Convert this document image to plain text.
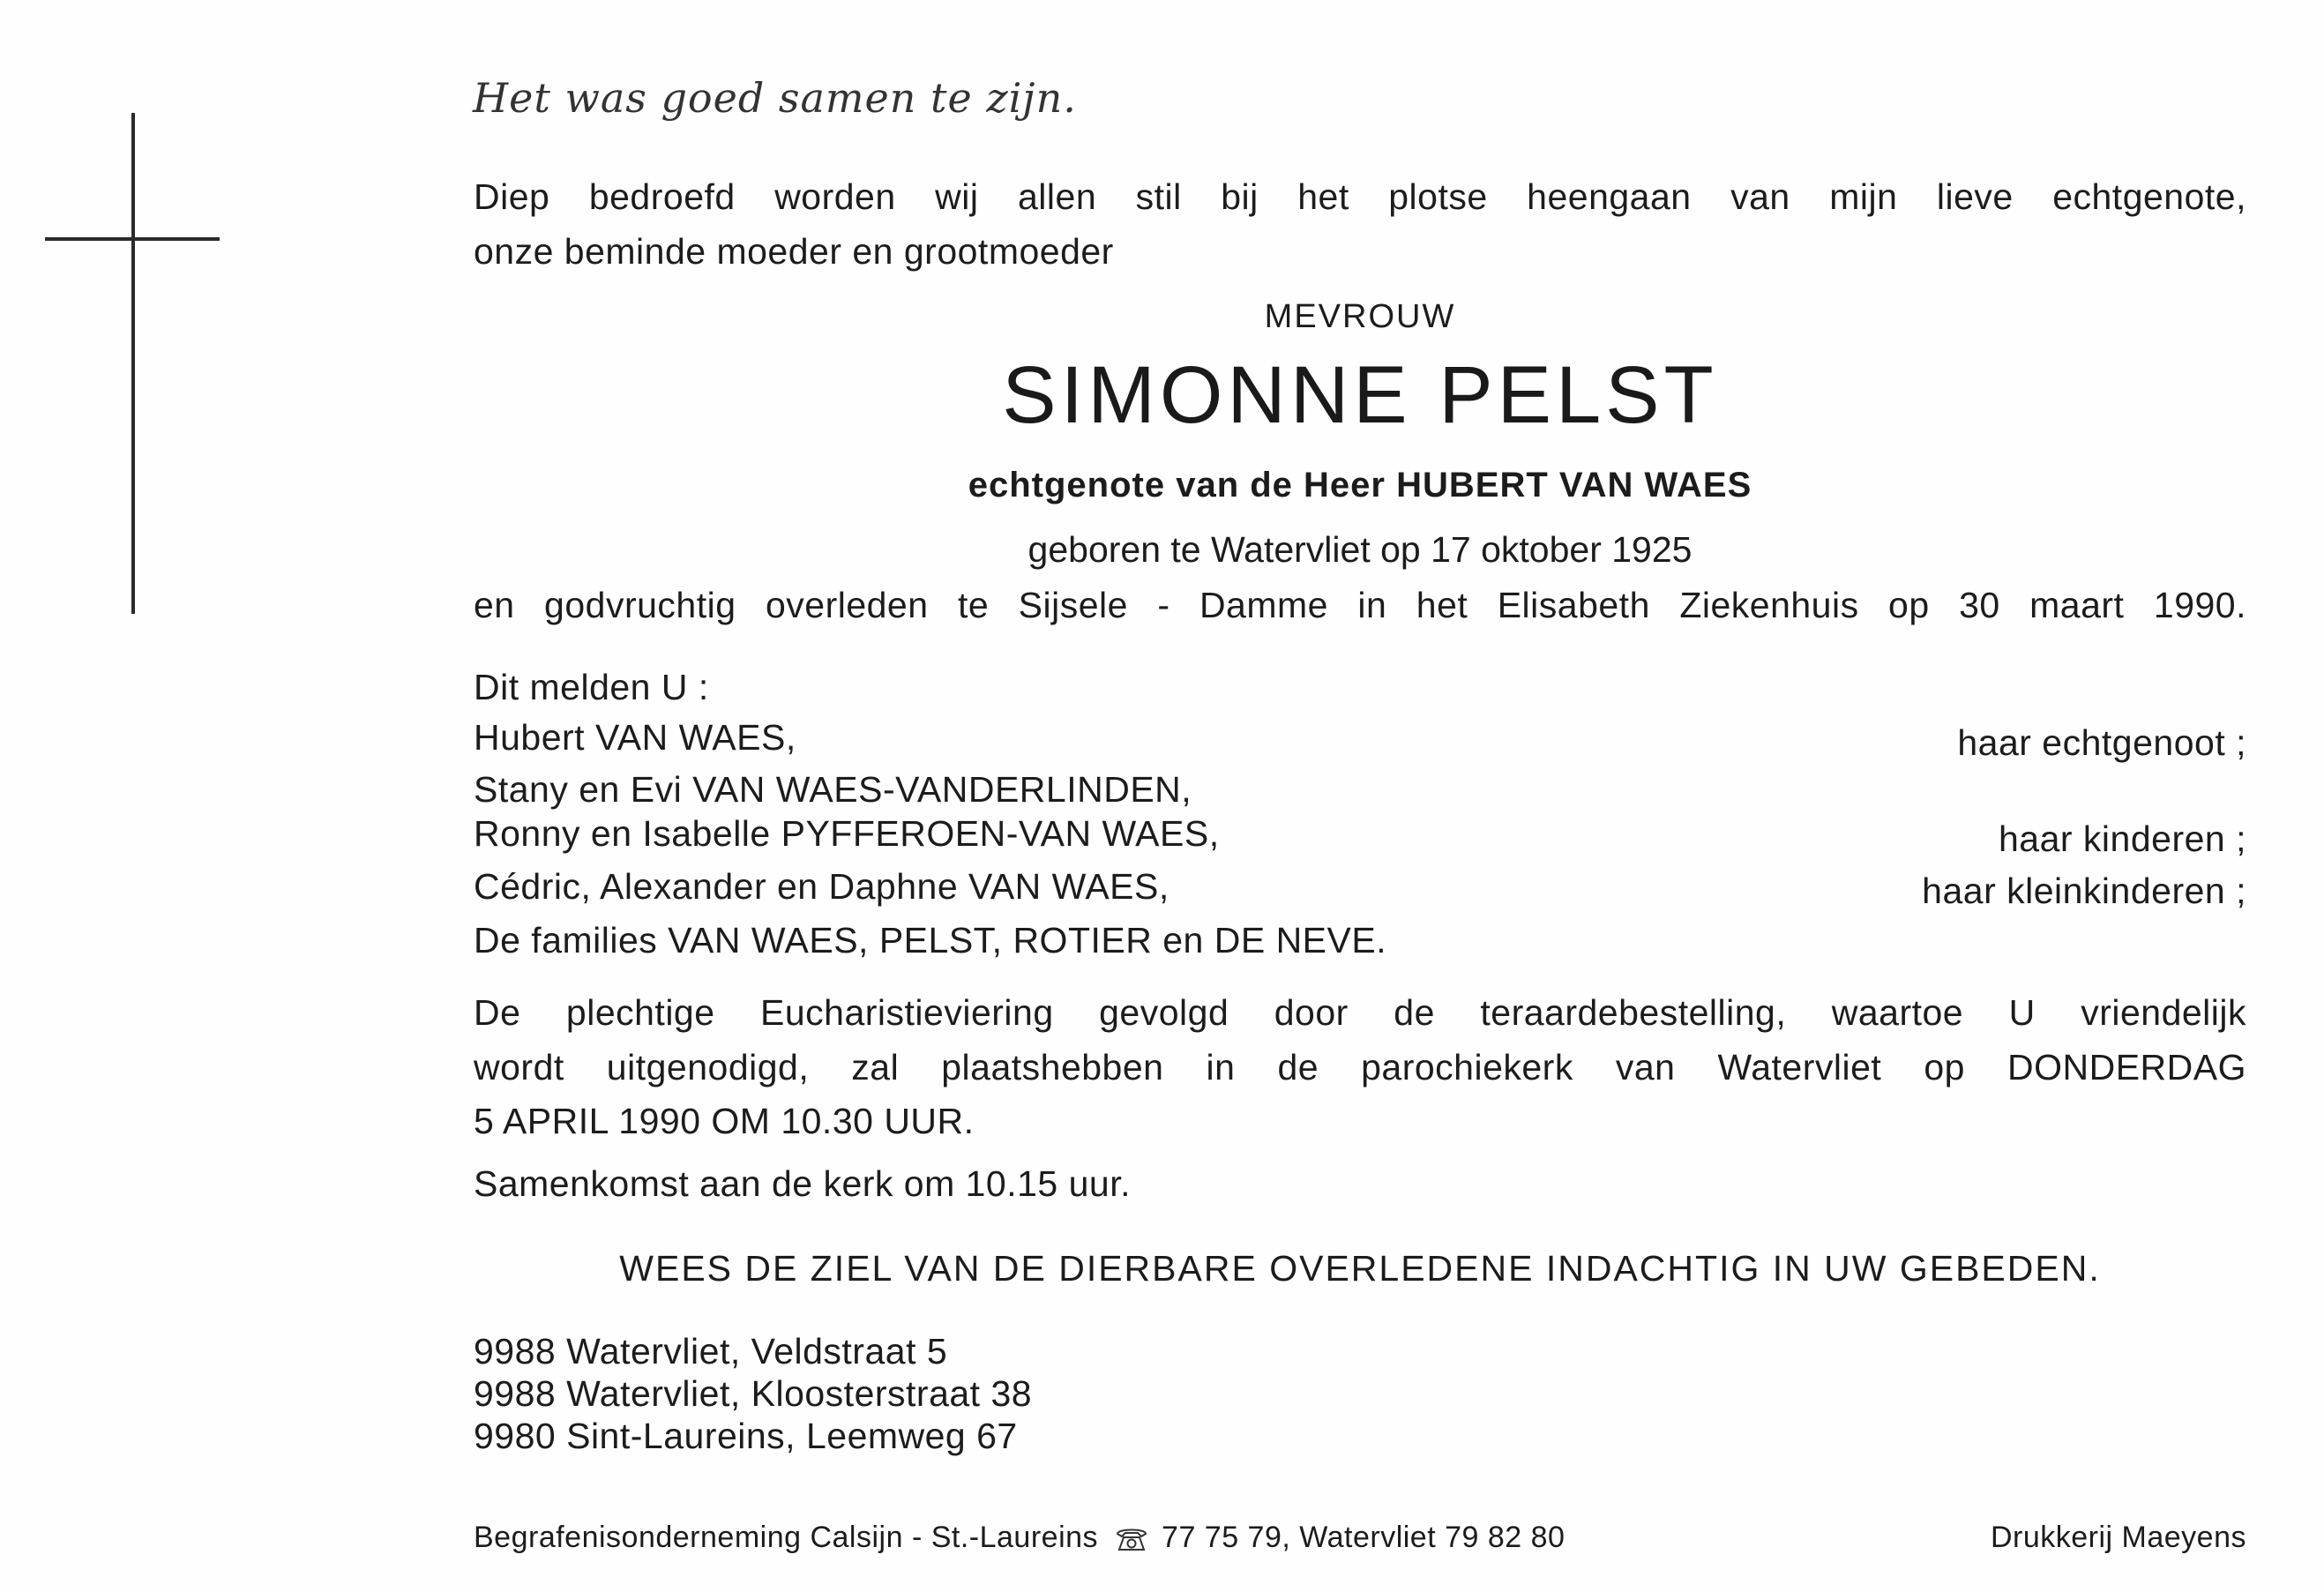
Het was goed samen te zijn.
Diep bedroefd worden wij allen stil bij het plotse heengaan van mijn lieve echtgenote,
onze beminde moeder en grootmoeder
MEVROUW
SIMONNE PELST
echtgenote van de Heer HUBERT VAN WAES
geboren te Watervliet op 17 oktober 1925
en godvruchtig overleden te Sijsele - Damme in het Elisabeth Ziekenhuis op 30 maart 1990.
Dit melden U :
Hubert VAN WAES,	haar echtgenoot ;
Stany en Evi VAN WAES-VANDERLINDEN,
Ronny en Isabelle PYFFEROEN-VAN WAES,	haar kinderen ;
Cédric, Alexander en Daphne VAN WAES,	haar kleinkinderen ;
De families VAN WAES, PELST, ROTIER en DE NEVE.
De plechtige Eucharistieviering gevolgd door de teraardebestelling, waartoe U vriendelijk
wordt uitgenodigd, zal plaatshebben in de parochiekerk van Watervliet op DONDERDAG
5 APRIL 1990 OM 10.30 UUR.
Samenkomst aan de kerk om 10.15 uur.
WEES DE ZIEL VAN DE DIERBARE OVERLEDENE INDACHTIG IN UW GEBEDEN.
9988 Watervliet, Veldstraat 5
9988 Watervliet, Kloosterstraat 38
9980 Sint-Laureins, Leemweg 67
Begrafenisonderneming Calsijn - St.-Laureins 77 75 79, Watervliet 79 82 80	Drukkerij Maeyens
